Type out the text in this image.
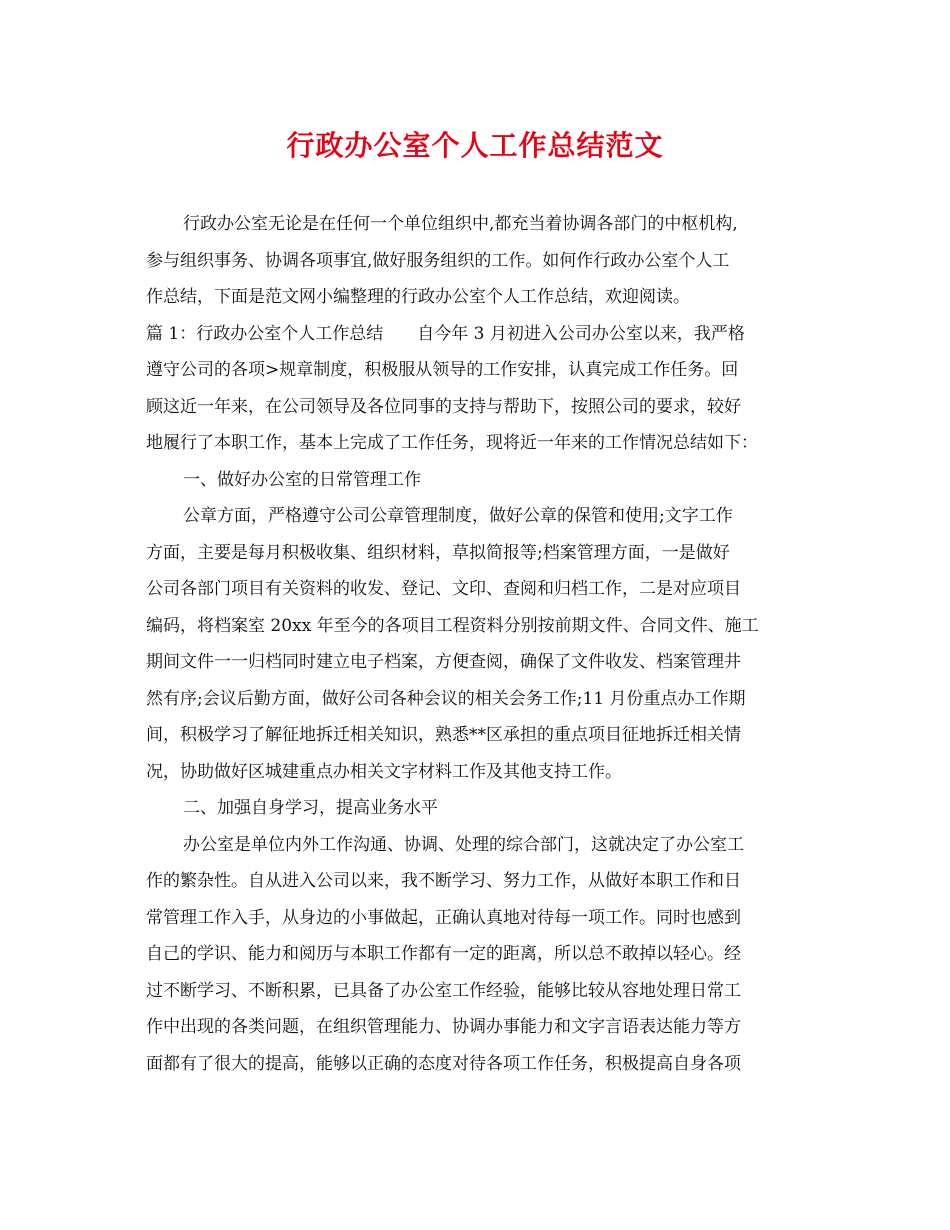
行政办公室个人工作总结范文
行政办公室无论是在任何一个单位组织中,都充当着协调各部门的中枢机构,
参与组织事务、协调各项事宜,做好服务组织的工作。如何作行政办公室个人工
作总结，下面是范文网小编整理的行政办公室个人工作总结，欢迎阅读。
篇 1：行政办公室个人工作总结　　自今年 3 月初进入公司办公室以来，我严格
遵守公司的各项>规章制度，积极服从领导的工作安排，认真完成工作任务。回
顾这近一年来，在公司领导及各位同事的支持与帮助下，按照公司的要求，较好
地履行了本职工作，基本上完成了工作任务，现将近一年来的工作情况总结如下：
一、做好办公室的日常管理工作
公章方面，严格遵守公司公章管理制度，做好公章的保管和使用;文字工作
方面，主要是每月积极收集、组织材料，草拟简报等;档案管理方面，一是做好
公司各部门项目有关资料的收发、登记、文印、查阅和归档工作，二是对应项目
编码，将档案室 20xx 年至今的各项目工程资料分别按前期文件、合同文件、施工
期间文件一一归档同时建立电子档案，方便查阅，确保了文件收发、档案管理井
然有序;会议后勤方面，做好公司各种会议的相关会务工作;11 月份重点办工作期
间，积极学习了解征地拆迁相关知识，熟悉**区承担的重点项目征地拆迁相关情
况，协助做好区城建重点办相关文字材料工作及其他支持工作。
二、加强自身学习，提高业务水平
办公室是单位内外工作沟通、协调、处理的综合部门，这就决定了办公室工
作的繁杂性。自从进入公司以来，我不断学习、努力工作，从做好本职工作和日
常管理工作入手，从身边的小事做起，正确认真地对待每一项工作。同时也感到
自己的学识、能力和阅历与本职工作都有一定的距离，所以总不敢掉以轻心。经
过不断学习、不断积累，已具备了办公室工作经验，能够比较从容地处理日常工
作中出现的各类问题，在组织管理能力、协调办事能力和文字言语表达能力等方
面都有了很大的提高，能够以正确的态度对待各项工作任务，积极提高自身各项
